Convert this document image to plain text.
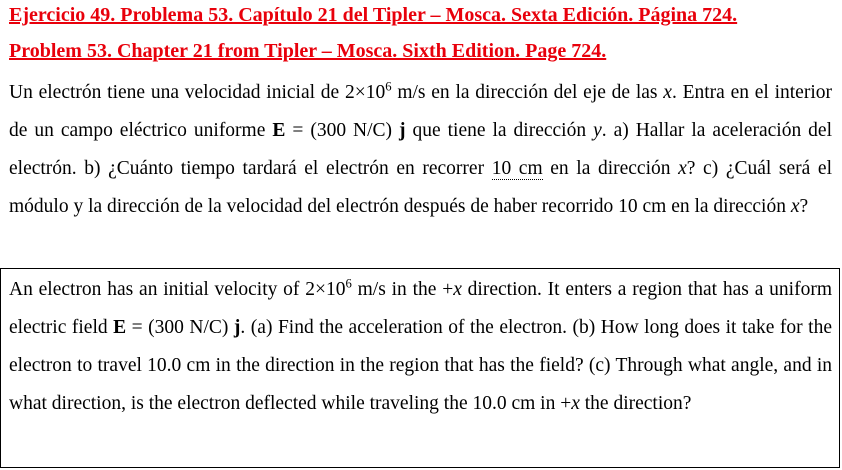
Ejercicio 49. Problema 53. Capítulo 21 del Tipler – Mosca. Sexta Edición. Página 724.

Problem 53. Chapter 21 from Tipler – Mosca. Sixth Edition. Page 724.

Un electrón tiene una velocidad inicial de $2\times 10^6$ m/s en la dirección del eje de las x. Entra en el interior de un campo eléctrico uniforme E = (300 N/C) j que tiene la dirección y. a) Hallar la aceleración del electrón. b) ¿Cuánto tiempo tardará el electrón en recorrer 10 cm en la dirección x? c) ¿Cuál será el módulo y la dirección de la velocidad del electrón después de haber recorrido 10 cm en la dirección x?

An electron has an initial velocity of $2\times 10^6$ m/s in the +x direction. It enters a region that has a uniform electric field E = (300 N/C) j. (a) Find the acceleration of the electron. (b) How long does it take for the electron to travel 10.0 cm in the direction in the region that has the field? (c) Through what angle, and in what direction, is the electron deflected while traveling the 10.0 cm in +x the direction?
